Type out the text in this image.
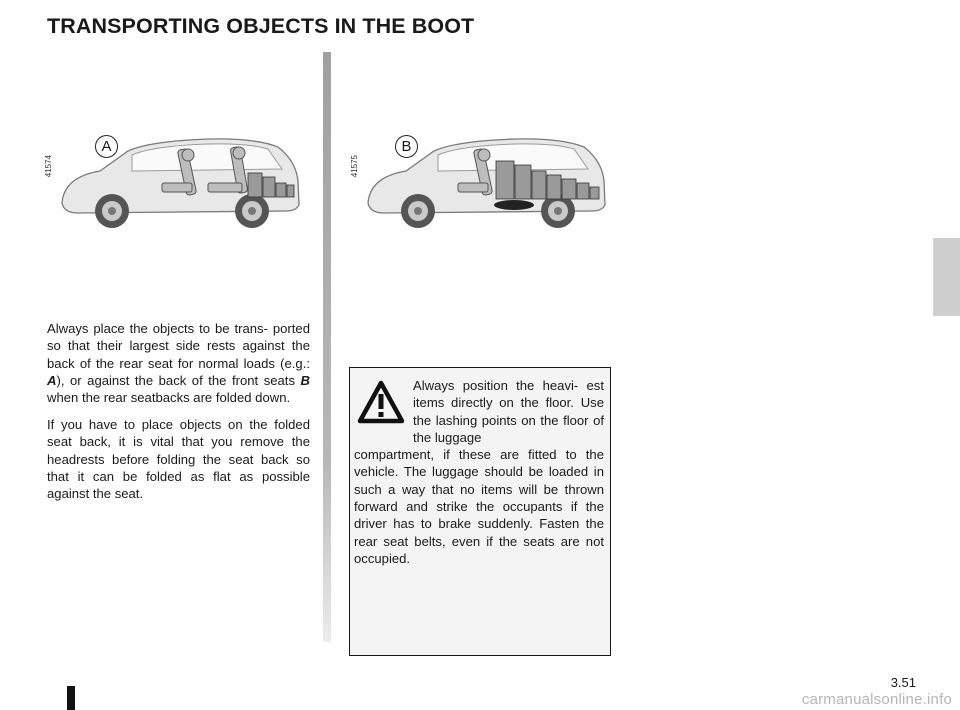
TRANSPORTING OBJECTS IN THE BOOT
41574
A
41575
B

Always place the objects to be trans- ported so that their largest side rests against the back of the rear seat for normal loads (e.g.: A), or against the back of the front seats B when the rear seatbacks are folded down.

If you have to place objects on the folded seat back, it is vital that you remove the headrests before folding the seat back so that it can be folded as flat as possible against the seat.

Always position the heavi- est items directly on the floor. Use the lashing points on the floor of the luggage
compartment, if these are fitted to the vehicle. The luggage should be loaded in such a way that no items will be thrown forward and strike the occupants if the driver has to brake suddenly. Fasten the rear seat belts, even if the seats are not occupied.
3.51
carmanualsonline.info
